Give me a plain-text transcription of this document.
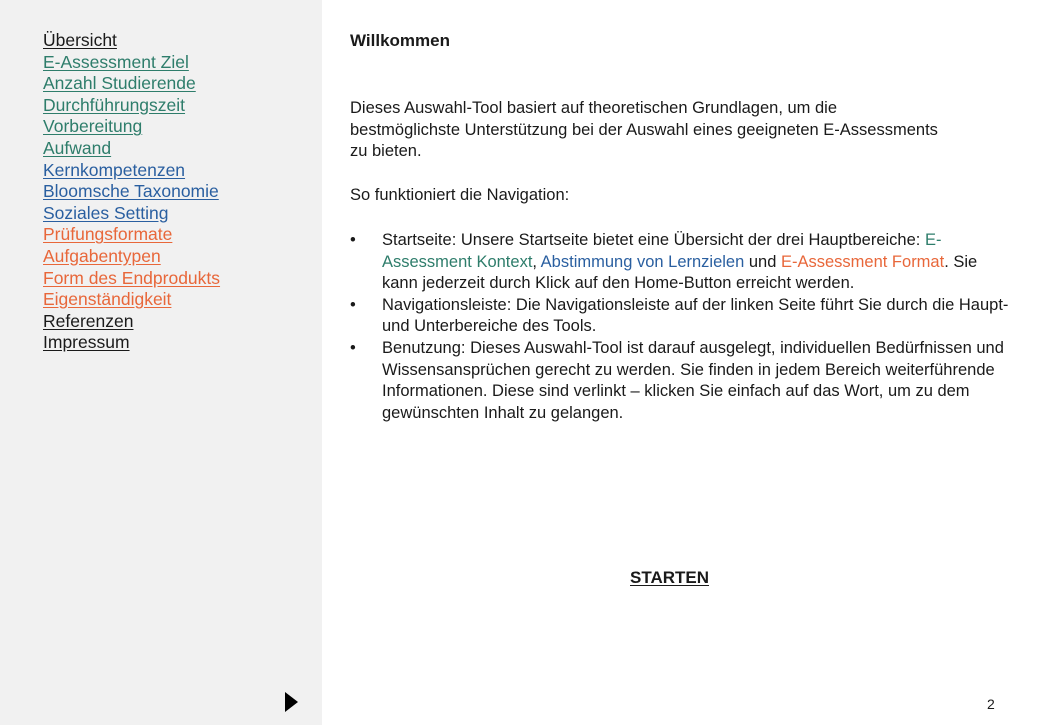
Übersicht
E-Assessment Ziel
Anzahl Studierende
Durchführungszeit
Vorbereitung
Aufwand
Kernkompetenzen
Bloomsche Taxonomie
Soziales Setting
Prüfungsformate
Aufgabentypen
Form des Endprodukts
Eigenständigkeit
Referenzen
Impressum
Willkommen

Dieses Auswahl-Tool basiert auf theoretischen Grundlagen, um die bestmöglichste Unterstützung bei der Auswahl eines geeigneten E-Assessments zu bieten.

So funktioniert die Navigation:

• Startseite: Unsere Startseite bietet eine Übersicht der drei Hauptbereiche: E-Assessment Kontext, Abstimmung von Lernzielen und E-Assessment Format. Sie kann jederzeit durch Klick auf den Home-Button erreicht werden.
• Navigationsleiste: Die Navigationsleiste auf der linken Seite führt Sie durch die Haupt- und Unterbereiche des Tools.
• Benutzung: Dieses Auswahl-Tool ist darauf ausgelegt, individuellen Bedürfnissen und Wissensansprüchen gerecht zu werden. Sie finden in jedem Bereich weiterführende Informationen. Diese sind verlinkt – klicken Sie einfach auf das Wort, um zu dem gewünschten Inhalt zu gelangen.
STARTEN
2
